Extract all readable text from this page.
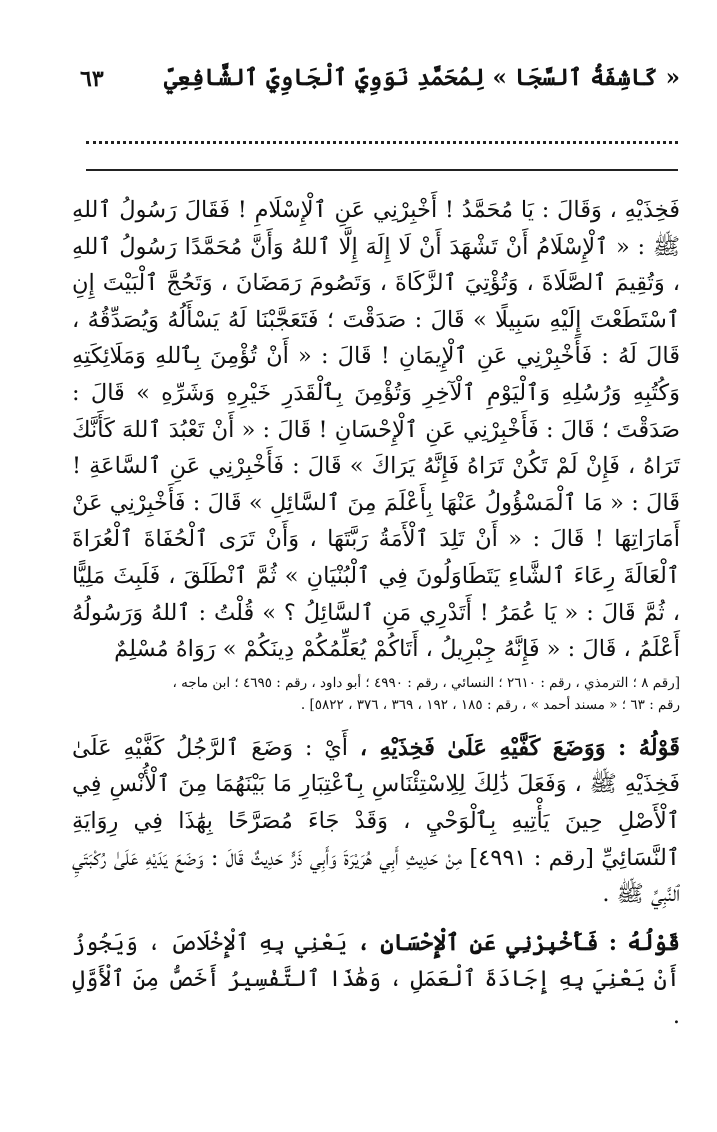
« كَاشِفَةُ ٱلسَّجَا » لِمُحَمَّدِ نَوَوِيّ ٱلْجَاوِيّ ٱلشَّافِعِيّ
٦٣

فَخِذَيْهِ ، وَقَالَ : يَا مُحَمَّدُ ! أَخْبِرْنِي عَنِ ٱلْإِسْلَامِ ! فَقَالَ رَسُولُ ٱللهِ ﷺ : « ٱلْإِسْلَامُ أَنْ تَشْهَدَ أَنْ لَا إِلَهَ إِلَّا ٱللهُ وَأَنَّ مُحَمَّدًا رَسُولُ ٱللهِ ، وَتُقِيمَ ٱلصَّلَاةَ ، وَتُؤْتِيَ ٱلزَّكَاةَ ، وَتَصُومَ رَمَضَانَ ، وَتَحُجَّ ٱلْبَيْتَ إِنِ ٱسْتَطَعْتَ إِلَيْهِ سَبِيلًا » قَالَ : صَدَقْتَ ؛ فَتَعَجَّبْنَا لَهُ يَسْأَلُهُ وَيُصَدِّقُهُ ، قَالَ لَهُ : فَأَخْبِرْنِي عَنِ ٱلْإِيمَانِ ! قَالَ : « أَنْ تُؤْمِنَ بِٱللهِ وَمَلَائِكَتِهِ وَكُتُبِهِ وَرُسُلِهِ وَٱلْيَوْمِ ٱلْآخِرِ وَتُؤْمِنَ بِٱلْقَدَرِ خَيْرِهِ وَشَرِّهِ » قَالَ : صَدَقْتَ ؛ قَالَ : فَأَخْبِرْنِي عَنِ ٱلْإِحْسَانِ ! قَالَ : « أَنْ تَعْبُدَ ٱللهَ كَأَنَّكَ تَرَاهُ ، فَإِنْ لَمْ تَكُنْ تَرَاهُ فَإِنَّهُ يَرَاكَ » قَالَ : فَأَخْبِرْنِي عَنِ ٱلسَّاعَةِ ! قَالَ : « مَا ٱلْمَسْؤُولُ عَنْهَا بِأَعْلَمَ مِنَ ٱلسَّائِلِ » قَالَ : فَأَخْبِرْنِي عَنْ أَمَارَاتِهَا ! قَالَ : « أَنْ تَلِدَ ٱلْأَمَةُ رَبَّتَهَا ، وَأَنْ تَرَى ٱلْحُفَاةَ ٱلْعُرَاةَ ٱلْعَالَةَ رِعَاءَ ٱلشَّاءِ يَتَطَاوَلُونَ فِي ٱلْبُنْيَانِ » ثُمَّ ٱنْطَلَقَ ، فَلَبِثَ مَلِيًّا ، ثُمَّ قَالَ : « يَا عُمَرُ ! أَتَدْرِي مَنِ ٱلسَّائِلُ ؟ » قُلْتُ : ٱللهُ وَرَسُولُهُ أَعْلَمُ ، قَالَ : « فَإِنَّهُ جِبْرِيلُ ، أَتَاكُمْ يُعَلِّمُكُمْ دِينَكُمْ » رَوَاهُ مُسْلِمٌ

[رقم ٨ ؛ الترمذي ، رقم : ٢٦١٠ ؛ النسائي ، رقم : ٤٩٩٠ ؛ أبو داود ، رقم : ٤٦٩٥ ؛ ابن ماجه ،
رقم : ٦٣ ؛ « مسند أحمد » ، رقم : ١٨٥ ، ١٩٢ ، ٣٦٩ ، ٣٧٦ ، ٥٨٢٢] .

قَوْلُهُ : وَوَضَعَ كَفَّيْهِ عَلَىٰ فَخِذَيْهِ ، أَيْ : وَضَعَ ٱلرَّجُلُ كَفَّيْهِ عَلَىٰ فَخِذَيْهِ ﷺ ، وَفَعَلَ ذَٰلِكَ لِلِاسْتِئْنَاسِ بِٱعْتِبَارِ مَا بَيْنَهُمَا مِنَ ٱلْأُنْسِ فِي ٱلْأَصْلِ حِينَ يَأْتِيهِ بِٱلْوَحْيِ ، وَقَدْ جَاءَ مُصَرَّحًا بِهَٰذَا فِي رِوَايَةِ ٱلنَّسَائِيِّ [رقم : ٤٩٩١] مِنْ حَدِيثِ أَبِي هُرَيْرَةَ وَأَبِي ذَرٍّ حَدِيثٌ قَالَ : وَضَعَ يَدَيْهِ عَلَىٰ رُكْبَتَيِ ٱلنَّبِيِّ ﷺ .

قَوْلُهُ : فَأَخْبِرْنِي عَنِ ٱلْإِحْسَانِ ، يَعْنِي بِهِ ٱلْإِخْلَاصَ ، وَيَجُوزُ أَنْ يَعْنِيَ بِهِ إِجَادَةَ ٱلْعَمَلِ ، وَهَٰذَا ٱلتَّفْسِيرُ أَخَصُّ مِنَ ٱلْأَوَّلِ .
